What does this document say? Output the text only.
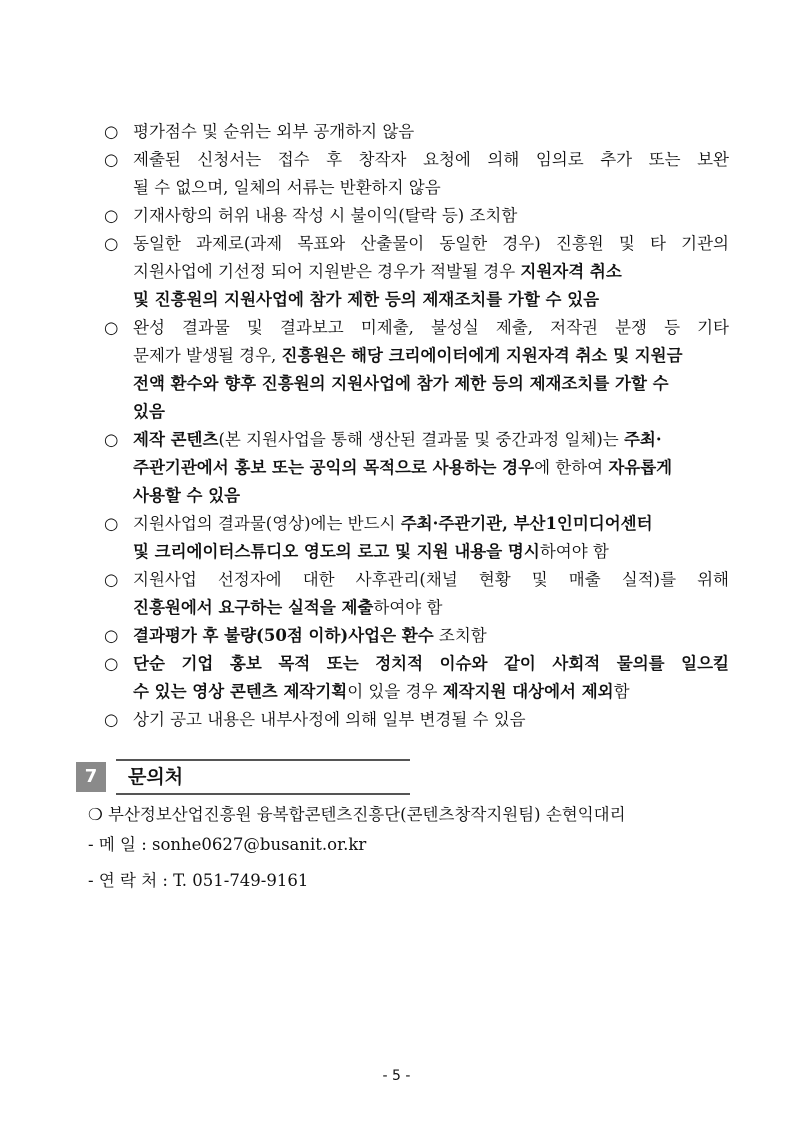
○ 평가점수 및 순위는 외부 공개하지 않음
○ 제출된 신청서는 접수 후 창작자 요청에 의해 임의로 추가 또는 보완
될 수 없으며, 일체의 서류는 반환하지 않음
○ 기재사항의 허위 내용 작성 시 불이익(탈락 등) 조치함
○ 동일한 과제로(과제 목표와 산출물이 동일한 경우) 진흥원 및 타 기관의
지원사업에 기선정 되어 지원받은 경우가 적발될 경우 지원자격 취소
및 진흥원의 지원사업에 참가 제한 등의 제재조치를 가할 수 있음
○ 완성 결과물 및 결과보고 미제출, 불성실 제출, 저작권 분쟁 등 기타
문제가 발생될 경우, 진흥원은 해당 크리에이터에게 지원자격 취소 및 지원금
전액 환수와 향후 진흥원의 지원사업에 참가 제한 등의 제재조치를 가할 수
있음
○ 제작 콘텐츠(본 지원사업을 통해 생산된 결과물 및 중간과정 일체)는 주최·
주관기관에서 홍보 또는 공익의 목적으로 사용하는 경우에 한하여 자유롭게
사용할 수 있음
○ 지원사업의 결과물(영상)에는 반드시 주최·주관기관, 부산1인미디어센터
및 크리에이터스튜디오 영도의 로고 및 지원 내용을 명시하여야 함
○ 지원사업 선정자에 대한 사후관리(채널 현황 및 매출 실적)를 위해
진흥원에서 요구하는 실적을 제출하여야 함
○ 결과평가 후 불량(50점 이하)사업은 환수 조치함
○ 단순 기업 홍보 목적 또는 정치적 이슈와 같이 사회적 물의를 일으킬
수 있는 영상 콘텐츠 제작기획이 있을 경우 제작지원 대상에서 제외함
○ 상기 공고 내용은 내부사정에 의해 일부 변경될 수 있음
7	문의처
❍ 부산정보산업진흥원 융복합콘텐츠진흥단(콘텐츠창작지원팀) 손현익대리
- 메 일 : sonhe0627@busanit.or.kr
- 연 락 처 : T. 051-749-9161
- 5 -
